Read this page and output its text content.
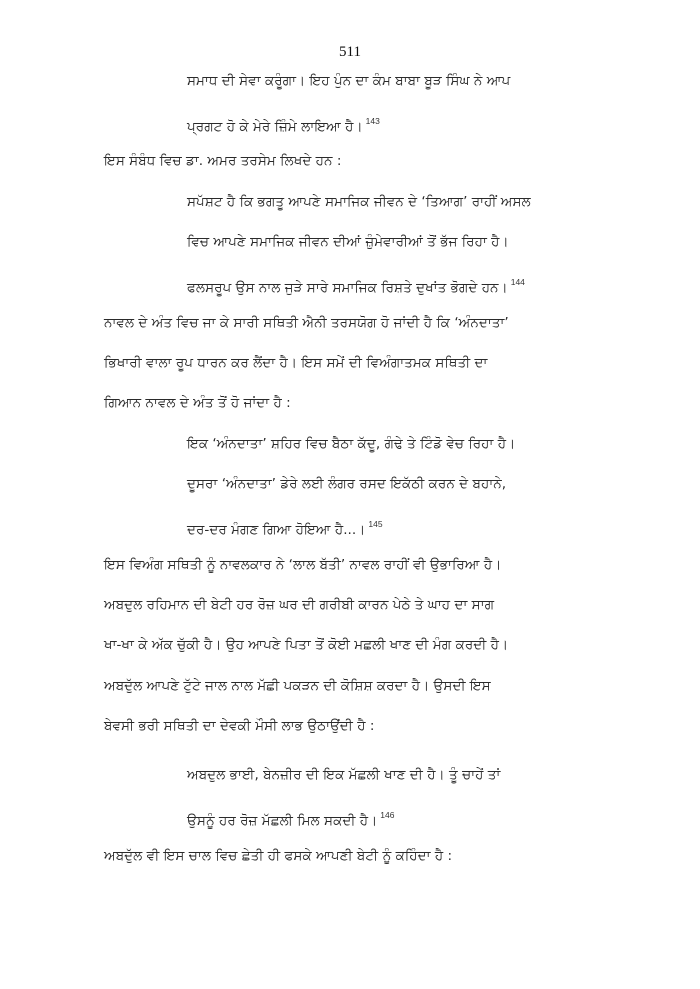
511
ਸਮਾਧ ਦੀ ਸੇਵਾ ਕਰੂੰਗਾ। ਇਹ ਪੁੰਨ ਦਾ ਕੰਮ ਬਾਬਾ ਬੂੜ ਸਿੰਘ ਨੇ ਆਪ
ਪ੍ਰਗਟ ਹੋ ਕੇ ਮੇਰੇ ਜ਼ਿੰਮੇ ਲਾਇਆ ਹੈ। $^{143}$
ਇਸ ਸੰਬੰਧ ਵਿਚ ਡਾ. ਅਮਰ ਤਰਸੇਮ ਲਿਖਦੇ ਹਨ :
ਸਪੱਸ਼ਟ ਹੈ ਕਿ ਭਗਤੂ ਆਪਣੇ ਸਮਾਜਿਕ ਜੀਵਨ ਦੇ ‘ਤਿਆਗ’ ਰਾਹੀਂ ਅਸਲ
ਵਿਚ ਆਪਣੇ ਸਮਾਜਿਕ ਜੀਵਨ ਦੀਆਂ ਜ਼ੁੰਮੇਵਾਰੀਆਂ ਤੋਂ ਭੱਜ ਰਿਹਾ ਹੈ।
ਫਲਸਰੂਪ ਉਸ ਨਾਲ ਜੁੜੇ ਸਾਰੇ ਸਮਾਜਿਕ ਰਿਸ਼ਤੇ ਦੁਖਾਂਤ ਭੋਗਦੇ ਹਨ। $^{144}$
ਨਾਵਲ ਦੇ ਅੰਤ ਵਿਚ ਜਾ ਕੇ ਸਾਰੀ ਸਥਿਤੀ ਐਨੀ ਤਰਸਯੋਗ ਹੋ ਜਾਂਦੀ ਹੈ ਕਿ ‘ਅੰਨਦਾਤਾ’
ਭਿਖਾਰੀ ਵਾਲਾ ਰੂਪ ਧਾਰਨ ਕਰ ਲੈਂਦਾ ਹੈ। ਇਸ ਸਮੇਂ ਦੀ ਵਿਅੰਗਾਤਮਕ ਸਥਿਤੀ ਦਾ
ਗਿਆਨ ਨਾਵਲ ਦੇ ਅੰਤ ਤੋਂ ਹੋ ਜਾਂਦਾ ਹੈ :
ਇਕ ‘ਅੰਨਦਾਤਾ’ ਸ਼ਹਿਰ ਵਿਚ ਬੈਠਾ ਕੱਦੂ, ਗੰਢੇ ਤੇ ਟਿੰਡੋ ਵੇਚ ਰਿਹਾ ਹੈ।
ਦੂਸਰਾ ‘ਅੰਨਦਾਤਾ’ ਡੇਰੇ ਲਈ ਲੰਗਰ ਰਸਦ ਇਕੱਠੀ ਕਰਨ ਦੇ ਬਹਾਨੇ,
ਦਰ-ਦਰ ਮੰਗਣ ਗਿਆ ਹੋਇਆ ਹੈ...। $^{145}$
ਇਸ ਵਿਅੰਗ ਸਥਿਤੀ ਨੂੰ ਨਾਵਲਕਾਰ ਨੇ ‘ਲਾਲ ਬੱਤੀ’ ਨਾਵਲ ਰਾਹੀਂ ਵੀ ਉਭਾਰਿਆ ਹੈ।
ਅਬਦੁਲ ਰਹਿਮਾਨ ਦੀ ਬੇਟੀ ਹਰ ਰੋਜ਼ ਘਰ ਦੀ ਗਰੀਬੀ ਕਾਰਨ ਪੇਠੇ ਤੇ ਘਾਹ ਦਾ ਸਾਗ
ਖਾ-ਖਾ ਕੇ ਅੱਕ ਚੁੱਕੀ ਹੈ। ਉਹ ਆਪਣੇ ਪਿਤਾ ਤੋਂ ਕੋਈ ਮਛਲੀ ਖਾਣ ਦੀ ਮੰਗ ਕਰਦੀ ਹੈ।
ਅਬਦੁੱਲ ਆਪਣੇ ਟੁੱਟੇ ਜਾਲ ਨਾਲ ਮੱਛੀ ਪਕੜਨ ਦੀ ਕੋਸ਼ਿਸ਼ ਕਰਦਾ ਹੈ। ਉਸਦੀ ਇਸ
ਬੇਵਸੀ ਭਰੀ ਸਥਿਤੀ ਦਾ ਦੇਵਕੀ ਮੌਸੀ ਲਾਭ ਉਠਾਉਂਦੀ ਹੈ :
ਅਬਦੁਲ ਭਾਈ, ਬੇਨਜ਼ੀਰ ਦੀ ਇਕ ਮੱਛਲੀ ਖਾਣ ਦੀ ਹੈ। ਤੂੰ ਚਾਹੇਂ ਤਾਂ
ਉਸਨੂੰ ਹਰ ਰੋਜ਼ ਮੱਛਲੀ ਮਿਲ ਸਕਦੀ ਹੈ। $^{146}$
ਅਬਦੁੱਲ ਵੀ ਇਸ ਚਾਲ ਵਿਚ ਛੇਤੀ ਹੀ ਫਸਕੇ ਆਪਣੀ ਬੇਟੀ ਨੂੰ ਕਹਿੰਦਾ ਹੈ :
